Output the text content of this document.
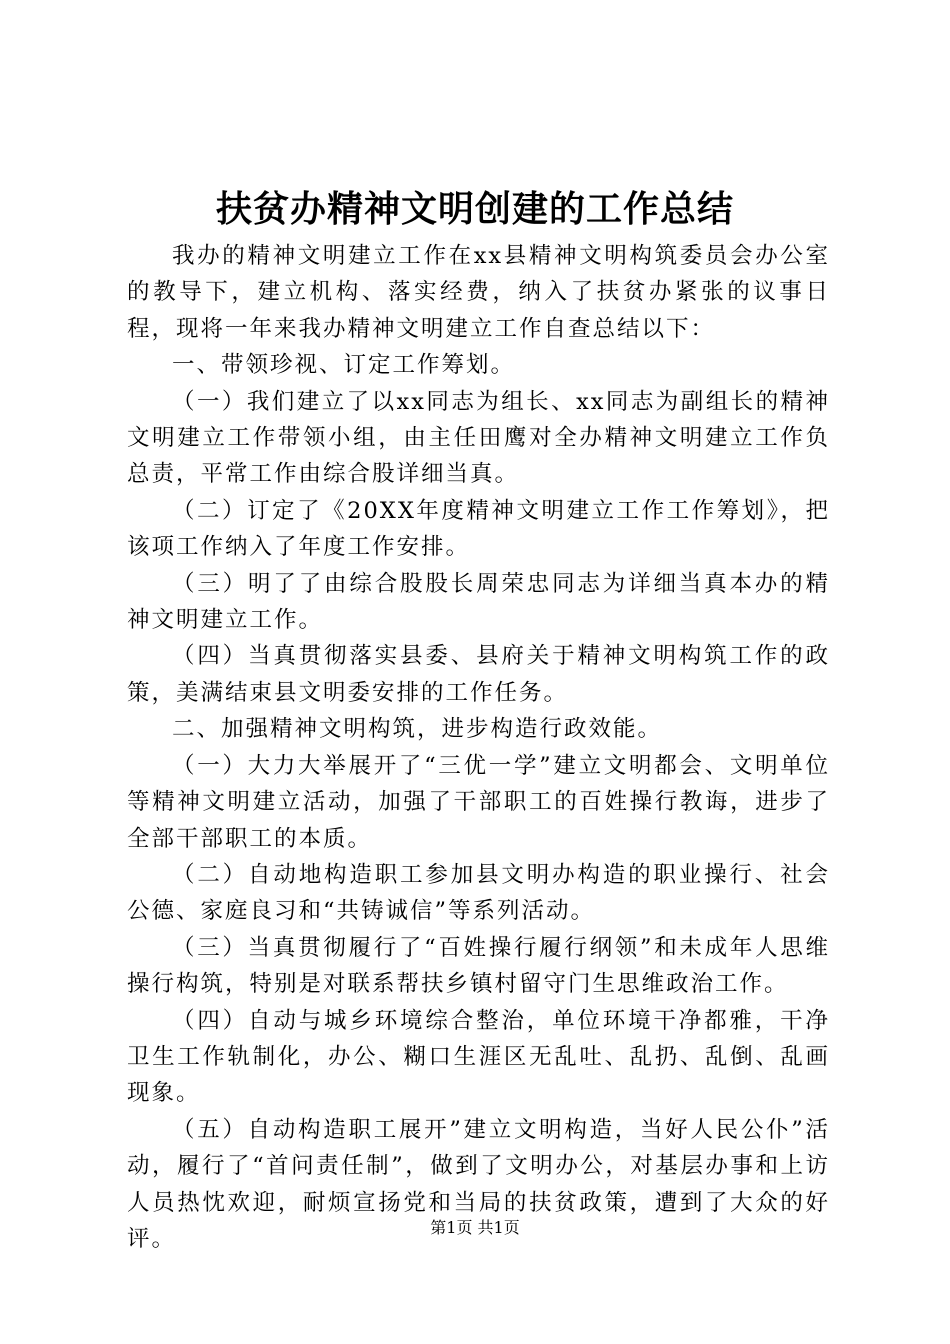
扶贫办精神文明创建的工作总结

我办的精神文明建立工作在xx县精神文明构筑委员会办公室的教导下，建立机构、落实经费，纳入了扶贫办紧张的议事日程，现将一年来我办精神文明建立工作自查总结以下：

一、带领珍视、订定工作筹划。

（一）我们建立了以xx同志为组长、xx同志为副组长的精神文明建立工作带领小组，由主任田鹰对全办精神文明建立工作负总责，平常工作由综合股详细当真。

（二）订定了《20XX年度精神文明建立工作工作筹划》，把该项工作纳入了年度工作安排。

（三）明了了由综合股股长周荣忠同志为详细当真本办的精神文明建立工作。

（四）当真贯彻落实县委、县府关于精神文明构筑工作的政策，美满结束县文明委安排的工作任务。

二、加强精神文明构筑，进步构造行政效能。

（一）大力大举展开了“三优一学”建立文明都会、文明单位等精神文明建立活动，加强了干部职工的百姓操行教诲，进步了全部干部职工的本质。

（二）自动地构造职工参加县文明办构造的职业操行、社会公德、家庭良习和“共铸诚信”等系列活动。

（三）当真贯彻履行了“百姓操行履行纲领”和未成年人思维操行构筑，特别是对联系帮扶乡镇村留守门生思维政治工作。

（四）自动与城乡环境综合整治，单位环境干净都雅，干净卫生工作轨制化，办公、糊口生涯区无乱吐、乱扔、乱倒、乱画现象。

（五）自动构造职工展开”建立文明构造，当好人民公仆”活动，履行了“首问责任制”，做到了文明办公，对基层办事和上访人员热忱欢迎，耐烦宣扬党和当局的扶贫政策，遭到了大众的好评。	第1页 共1页
